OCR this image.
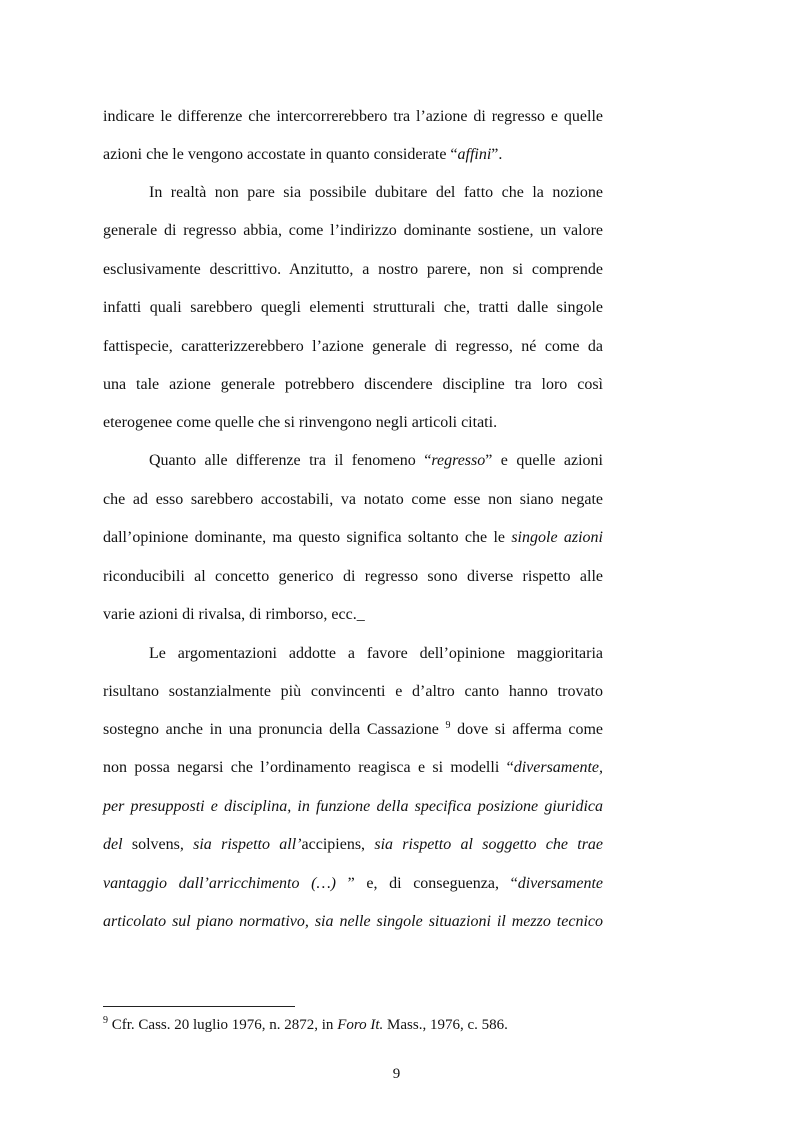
indicare le differenze che intercorrerebbero tra l’azione di regresso e quelle
azioni che le vengono accostate in quanto considerate “affini”.
In realtà non pare sia possibile dubitare del fatto che la nozione
generale di regresso abbia, come l’indirizzo dominante sostiene, un valore
esclusivamente descrittivo. Anzitutto, a nostro parere, non si comprende
infatti quali sarebbero quegli elementi strutturali che, tratti dalle singole
fattispecie, caratterizzerebbero l’azione generale di regresso, né come da
una tale azione generale potrebbero discendere discipline tra loro così
eterogenee come quelle che si rinvengono negli articoli citati.
Quanto alle differenze tra il fenomeno “regresso” e quelle azioni
che ad esso sarebbero accostabili, va notato come esse non siano negate
dall’opinione dominante, ma questo significa soltanto che le singole azioni
riconducibili al concetto generico di regresso sono diverse rispetto alle
varie azioni di rivalsa, di rimborso, ecc._
Le argomentazioni addotte a favore dell’opinione maggioritaria
risultano sostanzialmente più convincenti e d’altro canto hanno trovato
sostegno anche in una pronuncia della Cassazione $^9$ dove si afferma come
non possa negarsi che l’ordinamento reagisca e si modelli “diversamente,
per presupposti e disciplina, in funzione della specifica posizione giuridica
del solvens, sia rispetto all’accipiens, sia rispetto al soggetto che trae
vantaggio dall’arricchimento (…) ” e, di conseguenza, “diversamente
articolato sul piano normativo, sia nelle singole situazioni il mezzo tecnico
$^9$ Cfr. Cass. 20 luglio 1976, n. 2872, in Foro It. Mass., 1976, c. 586.
9
